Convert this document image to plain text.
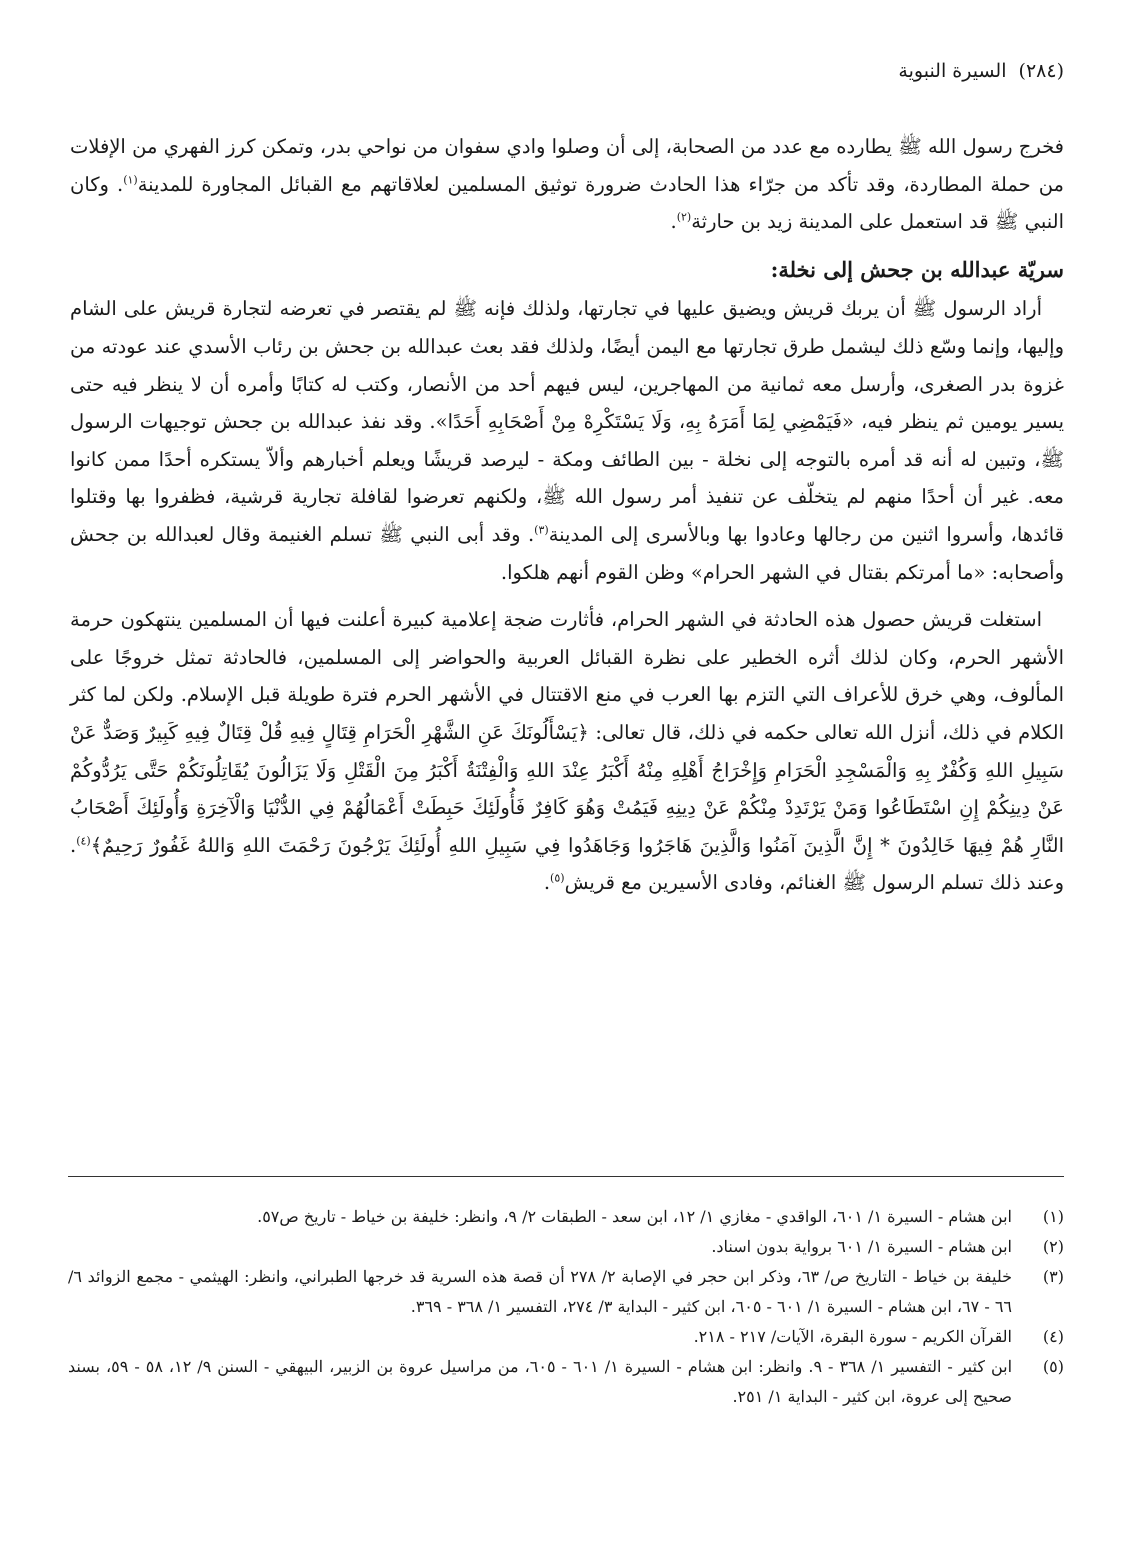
(٢٨٤) السيرة النبوية

فخرج رسول الله ﷺ يطارده مع عدد من الصحابة، إلى أن وصلوا وادي سفوان من نواحي بدر، وتمكن كرز الفهري من الإفلات من حملة المطاردة، وقد تأكد من جرّاء هذا الحادث ضرورة توثيق المسلمين لعلاقاتهم مع القبائل المجاورة للمدينة$^{(١)}$. وكان النبي ﷺ قد استعمل على المدينة زيد بن حارثة$^{(٢)}$.

سريّة عبدالله بن جحش إلى نخلة:

أراد الرسول ﷺ أن يربك قريش ويضيق عليها في تجارتها، ولذلك فإنه ﷺ لم يقتصر في تعرضه لتجارة قريش على الشام وإليها، وإنما وسّع ذلك ليشمل طرق تجارتها مع اليمن أيضًا، ولذلك فقد بعث عبدالله بن جحش بن رئاب الأسدي عند عودته من غزوة بدر الصغرى، وأرسل معه ثمانية من المهاجرين، ليس فيهم أحد من الأنصار، وكتب له كتابًا وأمره أن لا ينظر فيه حتى يسير يومين ثم ينظر فيه، «فَيَمْضِي لِمَا أَمَرَهُ بِهِ، وَلَا يَسْتَكْرِهْ مِنْ أَصْحَابِهِ أَحَدًا». وقد نفذ عبدالله بن جحش توجيهات الرسول ﷺ، وتبين له أنه قد أمره بالتوجه إلى نخلة - بين الطائف ومكة - ليرصد قريشًا ويعلم أخبارهم وألاّ يستكره أحدًا ممن كانوا معه. غير أن أحدًا منهم لم يتخلّف عن تنفيذ أمر رسول الله ﷺ، ولكنهم تعرضوا لقافلة تجارية قرشية، فظفروا بها وقتلوا قائدها، وأسروا اثنين من رجالها وعادوا بها وبالأسرى إلى المدينة$^{(٣)}$. وقد أبى النبي ﷺ تسلم الغنيمة وقال لعبدالله بن جحش وأصحابه: «ما أمرتكم بقتال في الشهر الحرام» وظن القوم أنهم هلكوا.

استغلت قريش حصول هذه الحادثة في الشهر الحرام، فأثارت ضجة إعلامية كبيرة أعلنت فيها أن المسلمين ينتهكون حرمة الأشهر الحرم، وكان لذلك أثره الخطير على نظرة القبائل العربية والحواضر إلى المسلمين، فالحادثة تمثل خروجًا على المألوف، وهي خرق للأعراف التي التزم بها العرب في منع الاقتتال في الأشهر الحرم فترة طويلة قبل الإسلام. ولكن لما كثر الكلام في ذلك، أنزل الله تعالى حكمه في ذلك، قال تعالى: ﴿يَسْأَلُونَكَ عَنِ الشَّهْرِ الْحَرَامِ قِتَالٍ فِيهِ قُلْ قِتَالٌ فِيهِ كَبِيرٌ وَصَدٌّ عَنْ سَبِيلِ اللهِ وَكُفْرٌ بِهِ وَالْمَسْجِدِ الْحَرَامِ وَإِخْرَاجُ أَهْلِهِ مِنْهُ أَكْبَرُ عِنْدَ اللهِ وَالْفِتْنَةُ أَكْبَرُ مِنَ الْقَتْلِ وَلَا يَزَالُونَ يُقَاتِلُونَكُمْ حَتَّى يَرُدُّوكُمْ عَنْ دِينِكُمْ إِنِ اسْتَطَاعُوا وَمَنْ يَرْتَدِدْ مِنْكُمْ عَنْ دِينِهِ فَيَمُتْ وَهُوَ كَافِرٌ فَأُولَئِكَ حَبِطَتْ أَعْمَالُهُمْ فِي الدُّنْيَا وَالْآخِرَةِ وَأُولَئِكَ أَصْحَابُ النَّارِ هُمْ فِيهَا خَالِدُونَ * إِنَّ الَّذِينَ آمَنُوا وَالَّذِينَ هَاجَرُوا وَجَاهَدُوا فِي سَبِيلِ اللهِ أُولَئِكَ يَرْجُونَ رَحْمَتَ اللهِ وَاللهُ غَفُورٌ رَحِيمٌ﴾$^{(٤)}$. وعند ذلك تسلم الرسول ﷺ الغنائم، وفادى الأسيرين مع قريش$^{(٥)}$.

(١)
ابن هشام - السيرة ١/ ٦٠١، الواقدي - مغازي ١/ ١٢، ابن سعد - الطبقات ٢/ ٩، وانظر: خليفة بن خياط - تاريخ ص٥٧.
(٢)
ابن هشام - السيرة ١/ ٦٠١ برواية بدون اسناد.
(٣)
خليفة بن خياط - التاريخ ص/ ٦٣، وذكر ابن حجر في الإصابة ٢/ ٢٧٨ أن قصة هذه السرية قد خرجها الطبراني، وانظر: الهيثمي - مجمع الزوائد ٦/ ٦٦ - ٦٧، ابن هشام - السيرة ١/ ٦٠١ - ٦٠٥، ابن كثير - البداية ٣/ ٢٧٤، التفسير ١/ ٣٦٨ - ٣٦٩.
(٤)
القرآن الكريم - سورة البقرة، الآيات/ ٢١٧ - ٢١٨.
(٥)
ابن كثير - التفسير ١/ ٣٦٨ - ٩. وانظر: ابن هشام - السيرة ١/ ٦٠١ - ٦٠٥، من مراسيل عروة بن الزبير، البيهقي - السنن ٩/ ١٢، ٥٨ - ٥٩، بسند صحيح إلى عروة، ابن كثير - البداية ١/ ٢٥١.
